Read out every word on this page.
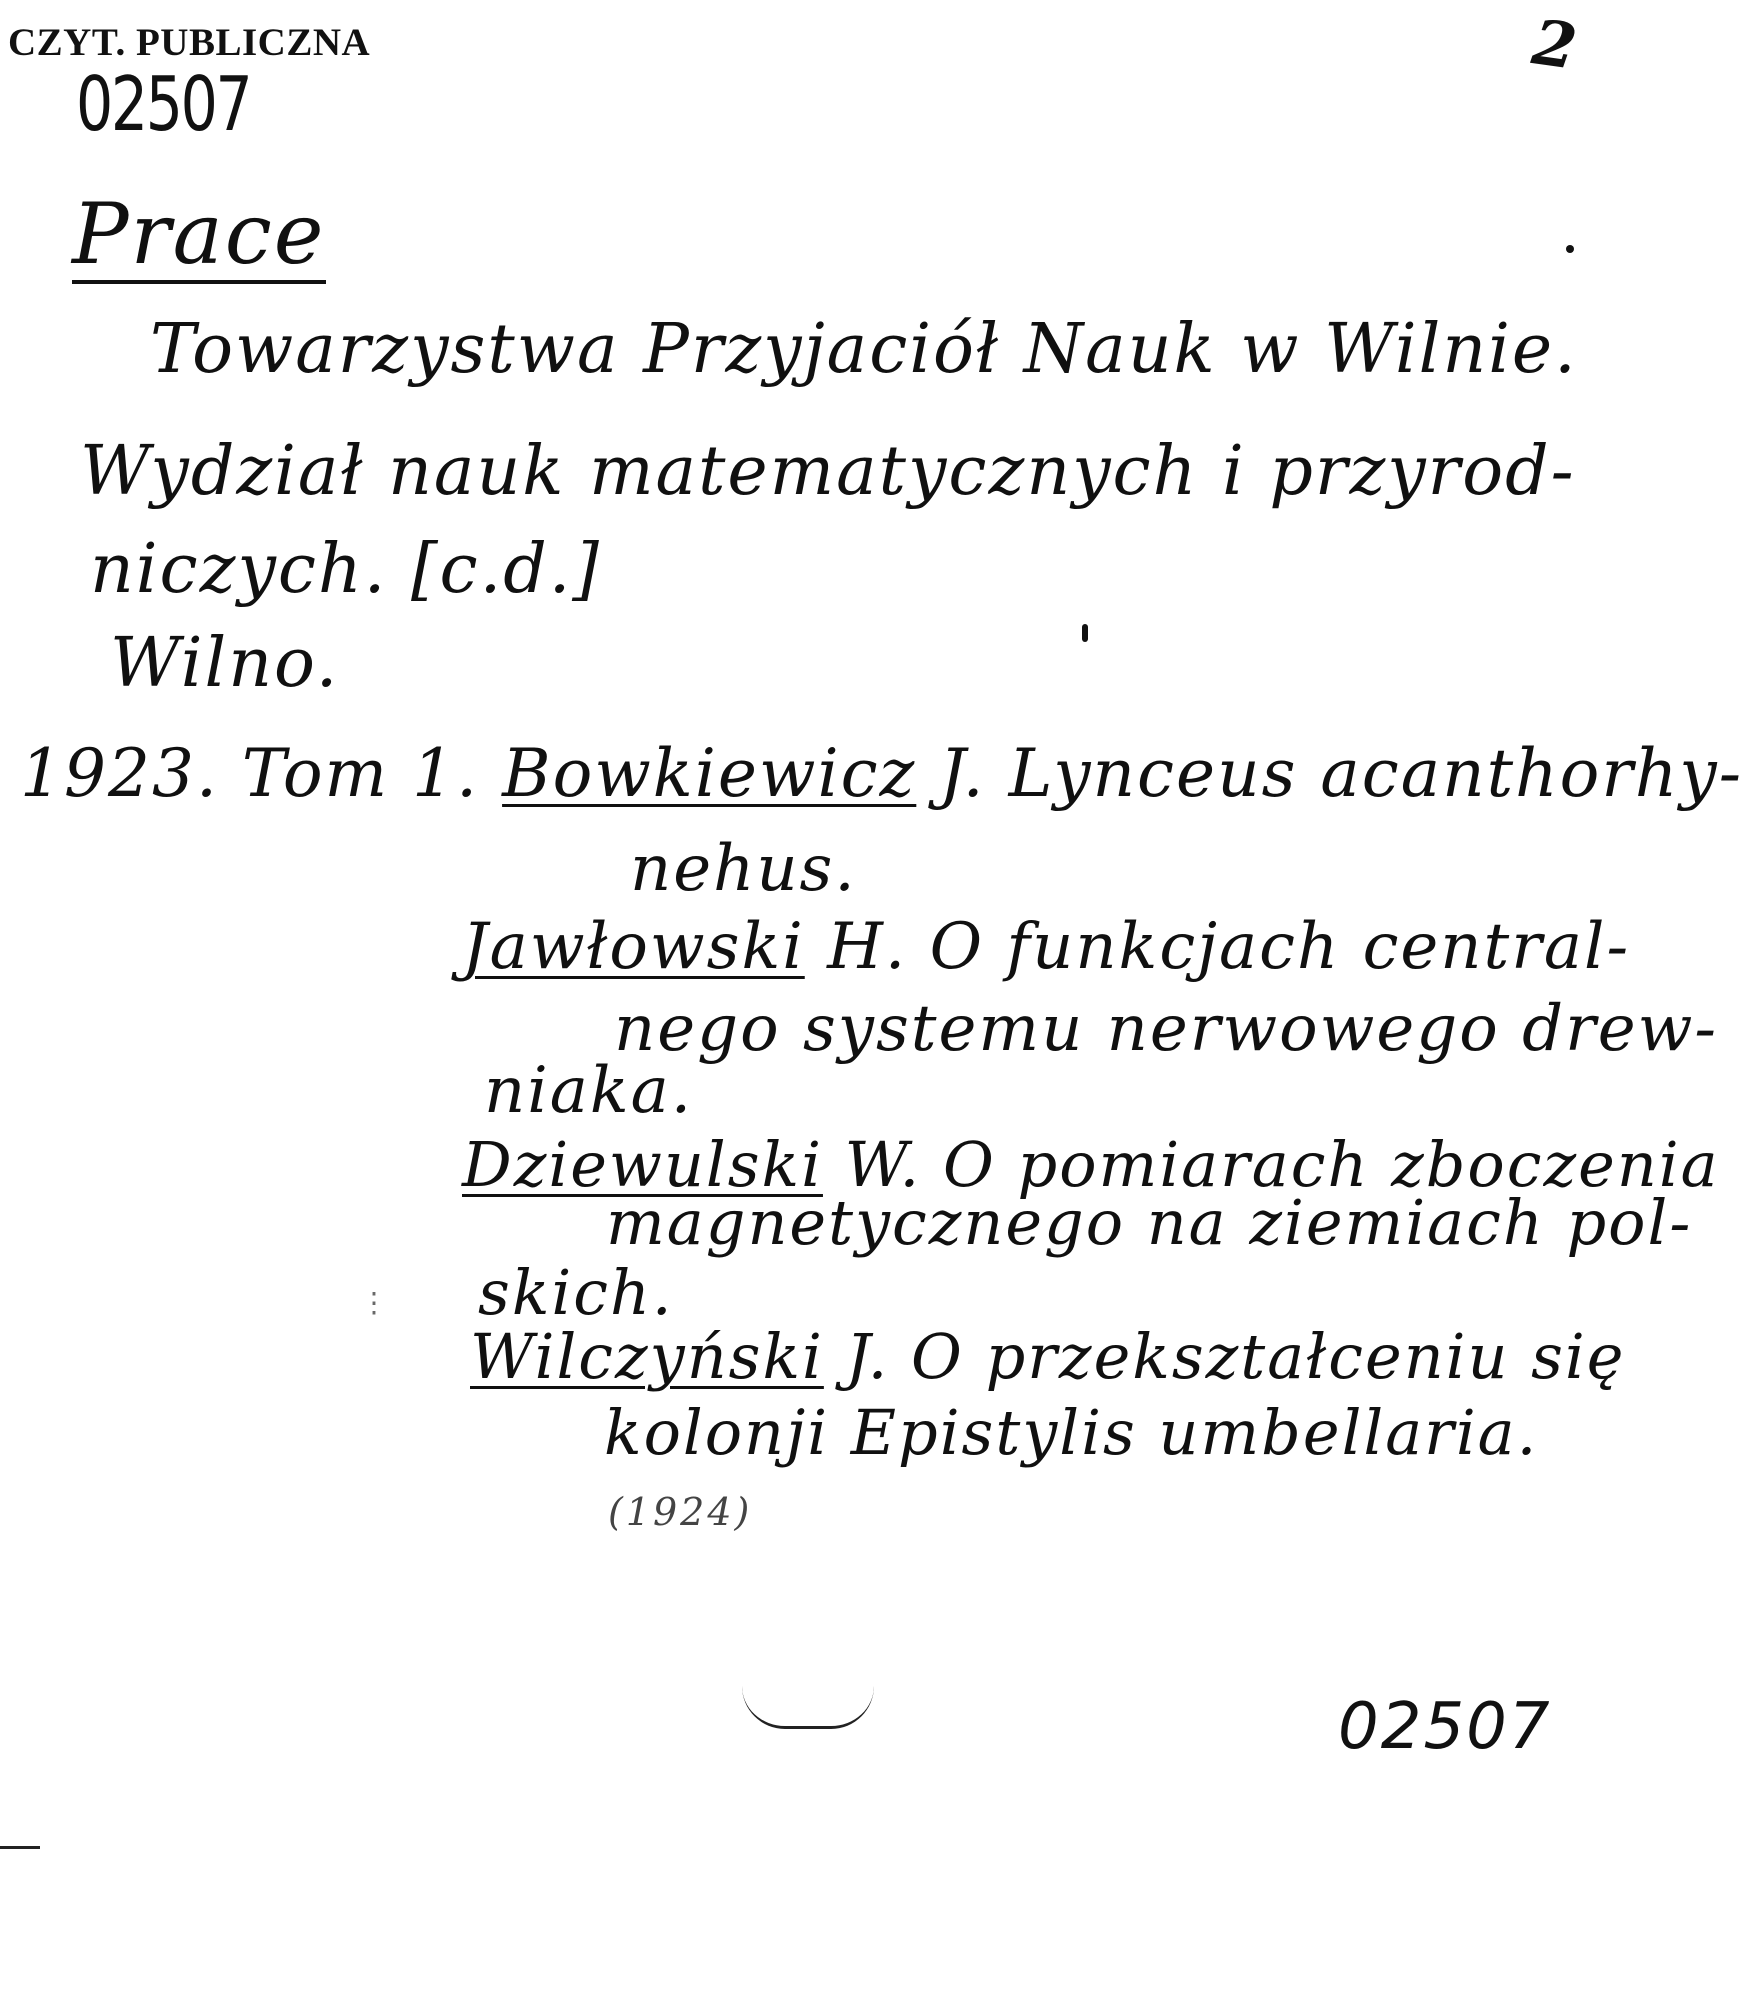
CZYT. PUBLICZNA
02507
2
Prace
Towarzystwa Przyjaciół Nauk w Wilnie.
Wydział nauk matematycznych i przyrod-
niczych. [c.d.]
Wilno.
1923. Tom 1. Bowkiewicz J. Lynceus acanthorhy-
nehus.
Jawłowski H. O funkcjach central-
nego systemu nerwowego drew-
niaka.
Dziewulski W. O pomiarach zboczenia
magnetycznego na ziemiach pol-
skich.
Wilczyński J. O przekształceniu się
kolonji Epistylis umbellaria.
(1924)
02507
⋮
